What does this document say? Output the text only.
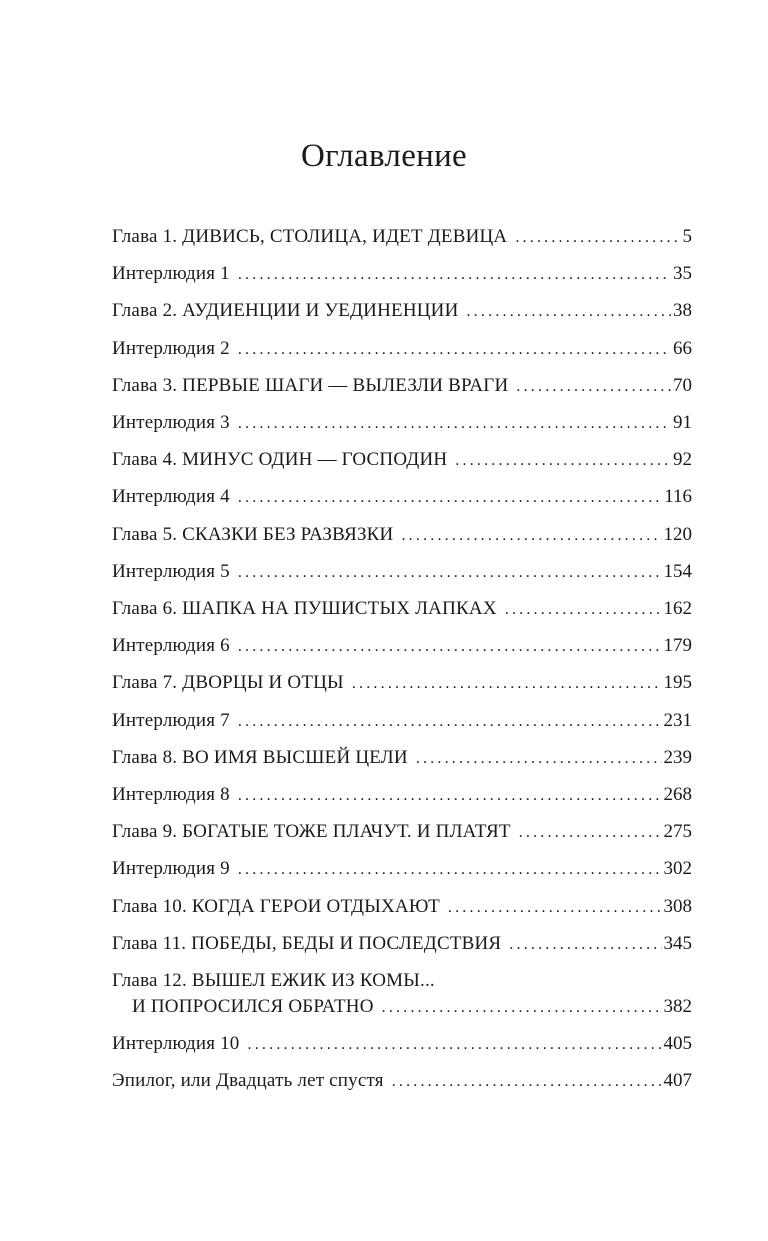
Оглавление
Глава 1. ДИВИСЬ, СТОЛИЦА, ИДЕТ ДЕВИЦА .....	5
Интерлюдия 1 .....	35
Глава 2. АУДИЕНЦИИ И УЕДИНЕНЦИИ .....	38
Интерлюдия 2 .....	66
Глава 3. ПЕРВЫЕ ШАГИ — ВЫЛЕЗЛИ ВРАГИ .....	70
Интерлюдия 3 .....	91
Глава 4. МИНУС ОДИН — ГОСПОДИН .....	92
Интерлюдия 4 .....	116
Глава 5. СКАЗКИ БЕЗ РАЗВЯЗКИ .....	120
Интерлюдия 5 .....	154
Глава 6. ШАПКА НА ПУШИСТЫХ ЛАПКАХ .....	162
Интерлюдия 6 .....	179
Глава 7. ДВОРЦЫ И ОТЦЫ .....	195
Интерлюдия 7 .....	231
Глава 8. ВО ИМЯ ВЫСШЕЙ ЦЕЛИ .....	239
Интерлюдия 8 .....	268
Глава 9. БОГАТЫЕ ТОЖЕ ПЛАЧУТ. И ПЛАТЯТ .....	275
Интерлюдия 9 .....	302
Глава 10. КОГДА ГЕРОИ ОТДЫХАЮТ .....	308
Глава 11. ПОБЕДЫ, БЕДЫ И ПОСЛЕДСТВИЯ .....	345
Глава 12. ВЫШЕЛ ЕЖИК ИЗ КОМЫ...
И ПОПРОСИЛСЯ ОБРАТНО .....	382
Интерлюдия 10 .....	405
Эпилог, или Двадцать лет спустя .....	407
